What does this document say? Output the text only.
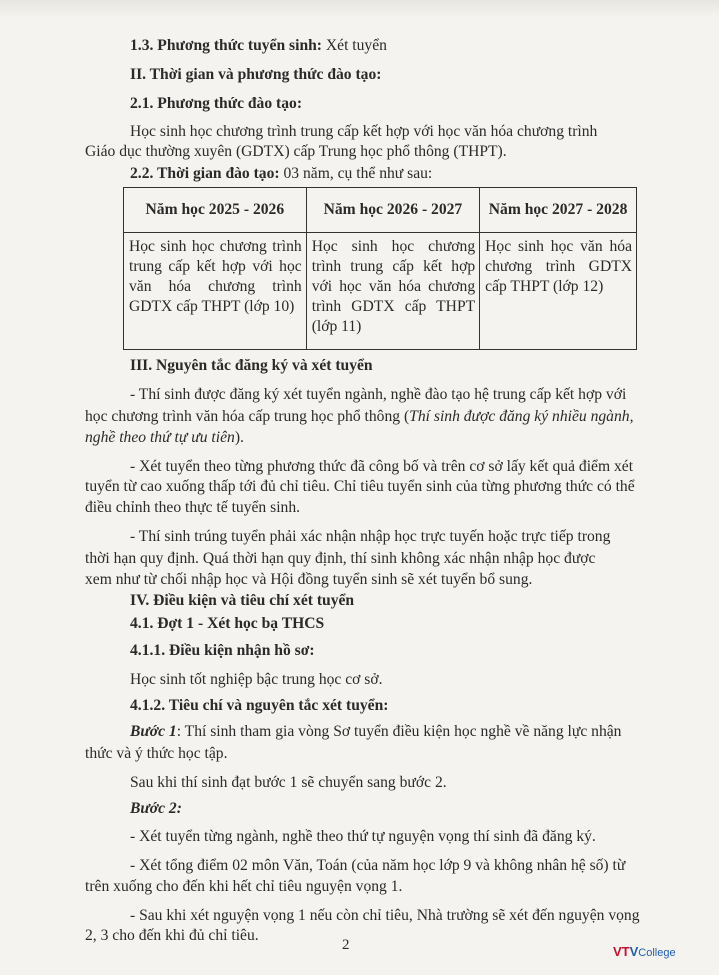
1.3. Phương thức tuyển sinh: Xét tuyển
II. Thời gian và phương thức đào tạo:
2.1. Phương thức đào tạo:
Học sinh học chương trình trung cấp kết hợp với học văn hóa chương trình
Giáo dục thường xuyên (GDTX) cấp Trung học phổ thông (THPT).
2.2. Thời gian đào tạo: 03 năm, cụ thể như sau:
Năm học 2025 - 2026	Năm học 2026 - 2027	Năm học 2027 - 2028
Học sinh học chương trình trung cấp kết hợp với học văn hóa chương trình GDTX cấp THPT (lớp 10)	Học sinh học chương trình trung cấp kết hợp với học văn hóa chương trình GDTX cấp THPT (lớp 11)	Học sinh học văn hóa chương trình GDTX cấp THPT (lớp 12)
III. Nguyên tắc đăng ký và xét tuyển
- Thí sinh được đăng ký xét tuyển ngành, nghề đào tạo hệ trung cấp kết hợp với
học chương trình văn hóa cấp trung học phổ thông (Thí sinh được đăng ký nhiều ngành,
nghề theo thứ tự ưu tiên).
- Xét tuyển theo từng phương thức đã công bố và trên cơ sở lấy kết quả điểm xét
tuyển từ cao xuống thấp tới đủ chỉ tiêu. Chỉ tiêu tuyển sinh của từng phương thức có thể
điều chỉnh theo thực tế tuyển sinh.
- Thí sinh trúng tuyển phải xác nhận nhập học trực tuyến hoặc trực tiếp trong
thời hạn quy định. Quá thời hạn quy định, thí sinh không xác nhận nhập học được
xem như từ chối nhập học và Hội đồng tuyển sinh sẽ xét tuyển bổ sung.
IV. Điều kiện và tiêu chí xét tuyển
4.1. Đợt 1 - Xét học bạ THCS
4.1.1. Điều kiện nhận hồ sơ:
Học sinh tốt nghiệp bậc trung học cơ sở.
4.1.2. Tiêu chí và nguyên tắc xét tuyển:
Bước 1: Thí sinh tham gia vòng Sơ tuyển điều kiện học nghề về năng lực nhận
thức và ý thức học tập.
Sau khi thí sinh đạt bước 1 sẽ chuyển sang bước 2.
Bước 2:
- Xét tuyển từng ngành, nghề theo thứ tự nguyện vọng thí sinh đã đăng ký.
- Xét tổng điểm 02 môn Văn, Toán (của năm học lớp 9 và không nhân hệ số) từ
trên xuống cho đến khi hết chỉ tiêu nguyện vọng 1.
- Sau khi xét nguyện vọng 1 nếu còn chỉ tiêu, Nhà trường sẽ xét đến nguyện vọng
2, 3 cho đến khi đủ chỉ tiêu.
2	VTVCollege
